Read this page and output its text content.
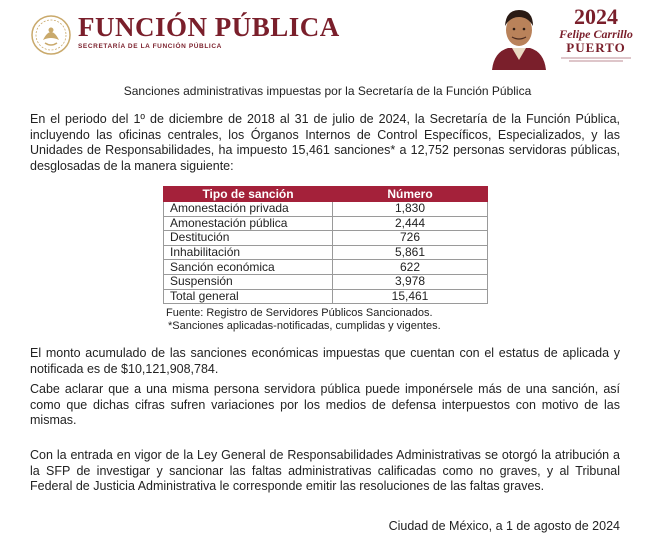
FUNCIÓN PÚBLICA
SECRETARÍA DE LA FUNCIÓN PÚBLICA
2024
Felipe Carrillo
PUERTO
Sanciones administrativas impuestas por la Secretaría de la Función Pública
En el periodo del 1º de diciembre de 2018 al 31 de julio de 2024, la Secretaría de la Función Pública, incluyendo las oficinas centrales, los Órganos Internos de Control Específicos, Especializados, y las Unidades de Responsabilidades, ha impuesto 15,461 sanciones* a 12,752 personas servidoras públicas, desglosadas de la manera siguiente:
Tipo de sanción	Número
Amonestación privada	1,830
Amonestación pública	2,444
Destitución	726
Inhabilitación	5,861
Sanción económica	622
Suspensión	3,978
Total general	15,461
Fuente: Registro de Servidores Públicos Sancionados.
*Sanciones aplicadas-notificadas, cumplidas y vigentes.
El monto acumulado de las sanciones económicas impuestas que cuentan con el estatus de aplicada y notificada es de $10,121,908,784.
Cabe aclarar que a una misma persona servidora pública puede imponérsele más de una sanción, así como que dichas cifras sufren variaciones por los medios de defensa interpuestos con motivo de las mismas.
Con la entrada en vigor de la Ley General de Responsabilidades Administrativas se otorgó la atribución a la SFP de investigar y sancionar las faltas administrativas calificadas como no graves, y al Tribunal Federal de Justicia Administrativa le corresponde emitir las resoluciones de las faltas graves.
Ciudad de México, a 1 de agosto de 2024
